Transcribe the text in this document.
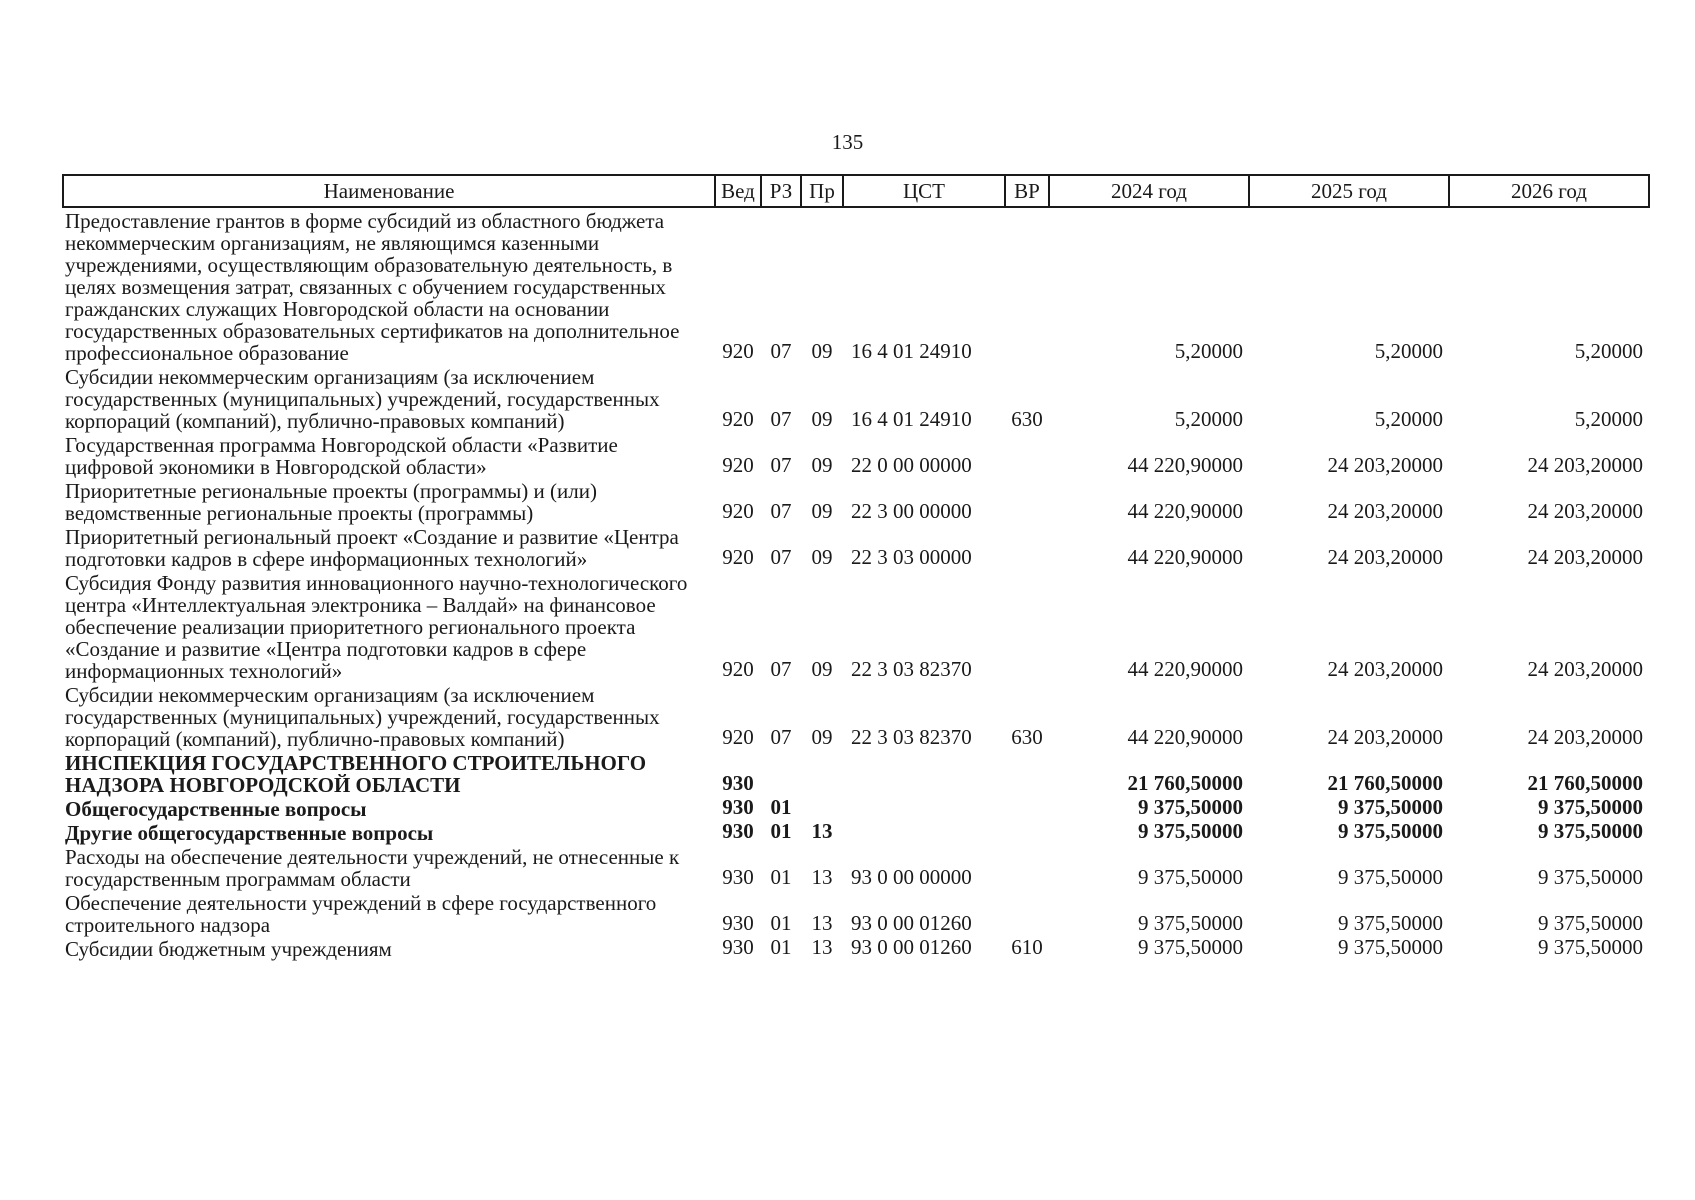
135
Наименование	Вед	РЗ	Пр	ЦСТ	ВР	2024 год	2025 год	2026 год
Предоставление грантов в форме субсидий из областного бюджета некоммерческим организациям, не являющимся казенными учреждениями, осуществляющим образовательную деятельность, в целях возмещения затрат, связанных с обучением государственных гражданских служащих Новгородской области на основании государственных образовательных сертификатов на дополнительное профессиональное образование	920	07	09	16 4 01 24910		5,20000	5,20000	5,20000
Субсидии некоммерческим организациям (за исключением государственных (муниципальных) учреждений, государственных корпораций (компаний), публично-правовых компаний)	920	07	09	16 4 01 24910	630	5,20000	5,20000	5,20000
Государственная программа Новгородской области «Развитие цифровой экономики в Новгородской области»	920	07	09	22 0 00 00000		44 220,90000	24 203,20000	24 203,20000
Приоритетные региональные проекты (программы) и (или) ведомственные региональные проекты (программы)	920	07	09	22 3 00 00000		44 220,90000	24 203,20000	24 203,20000
Приоритетный региональный проект «Создание и развитие «Центра подготовки кадров в сфере информационных технологий»	920	07	09	22 3 03 00000		44 220,90000	24 203,20000	24 203,20000
Субсидия Фонду развития инновационного научно-технологического центра «Интеллектуальная электроника – Валдай» на финансовое обеспечение реализации приоритетного регионального проекта «Создание и развитие «Центра подготовки кадров в сфере информационных технологий»	920	07	09	22 3 03 82370		44 220,90000	24 203,20000	24 203,20000
Субсидии некоммерческим организациям (за исключением государственных (муниципальных) учреждений, государственных корпораций (компаний), публично-правовых компаний)	920	07	09	22 3 03 82370	630	44 220,90000	24 203,20000	24 203,20000
ИНСПЕКЦИЯ ГОСУДАРСТВЕННОГО СТРОИТЕЛЬНОГО НАДЗОРА НОВГОРОДСКОЙ ОБЛАСТИ	930					21 760,50000	21 760,50000	21 760,50000
Общегосударственные вопросы	930	01				9 375,50000	9 375,50000	9 375,50000
Другие общегосударственные вопросы	930	01	13			9 375,50000	9 375,50000	9 375,50000
Расходы на обеспечение деятельности учреждений, не отнесенные к государственным программам области	930	01	13	93 0 00 00000		9 375,50000	9 375,50000	9 375,50000
Обеспечение деятельности учреждений в сфере государственного строительного надзора	930	01	13	93 0 00 01260		9 375,50000	9 375,50000	9 375,50000
Субсидии бюджетным учреждениям	930	01	13	93 0 00 01260	610	9 375,50000	9 375,50000	9 375,50000
